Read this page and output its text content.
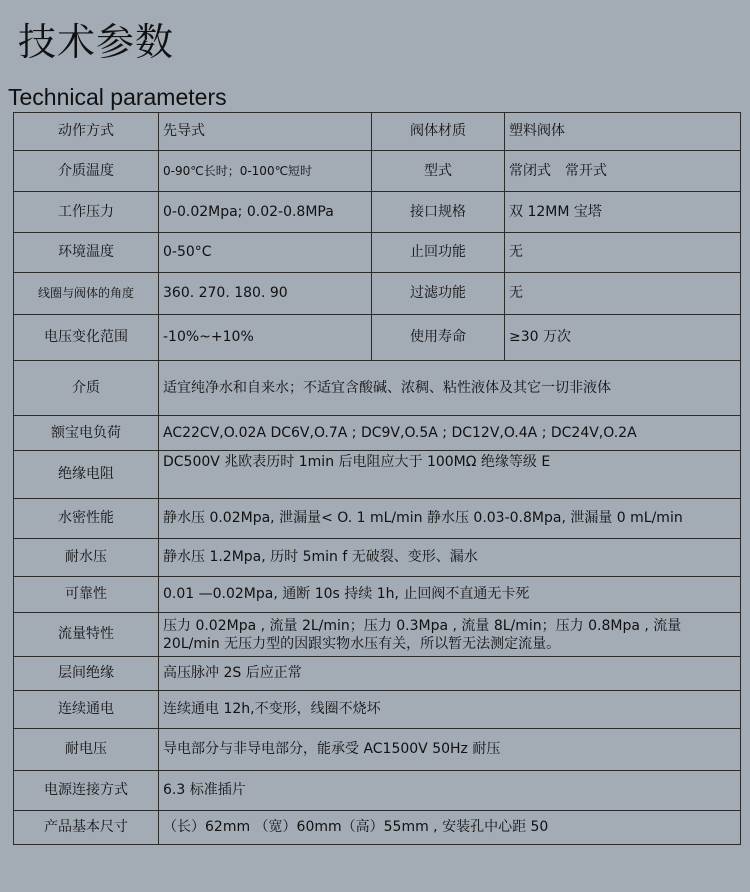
技术参数
Technical parameters
动作方式	先导式	阀体材质	塑料阀体
介质温度	0-90℃长时；0-100℃短时	型式	常闭式　常开式
工作压力	0-0.02Mpa; 0.02-0.8MPa	接口规格	双 12MM 宝塔
环境温度	0-50°C	止回功能	无
线圈与阀体的角度	360. 270. 180. 90	过滤功能	无
电压变化范围	-10%~+10%	使用寿命	≥30 万次
介质	适宜纯净水和自来水；不适宜含酸碱、浓稠、粘性液体及其它一切非液体		
额宝电负荷	AC22CV,O.02A DC6V,O.7A ; DC9V,O.5A ; DC12V,O.4A ; DC24V,O.2A		
绝缘电阻	DC500V 兆欧表历时 1min 后电阻应大于 100MΩ 绝缘等级 E		
水密性能	静水压 0.02Mpa, 泄漏量< O. 1 mL/min 静水压 0.03-0.8Mpa, 泄漏量 0 mL/min		
耐水压	静水压 1.2Mpa, 历时 5min f 无破裂、变形、漏水		
可靠性	0.01 —0.02Mpa, 通断 10s 持续 1h, 止回阀不直通无卡死		
流量特性	压力 0.02Mpa , 流量 2L/min；压力 0.3Mpa , 流量 8L/min；压力 0.8Mpa , 流量 20L/min 无压力型的因跟实物水压有关，所以暂无法测定流量。		
层间绝缘	高压脉冲 2S 后应正常		
连续通电	连续通电 12h,不变形，线圈不烧坏		
耐电压	导电部分与非导电部分，能承受 AC1500V 50Hz 耐压		
电源连接方式	6.3 标准插片		
产品基本尺寸	（长）62mm （宽）60mm（高）55mm , 安装孔中心距 50		
